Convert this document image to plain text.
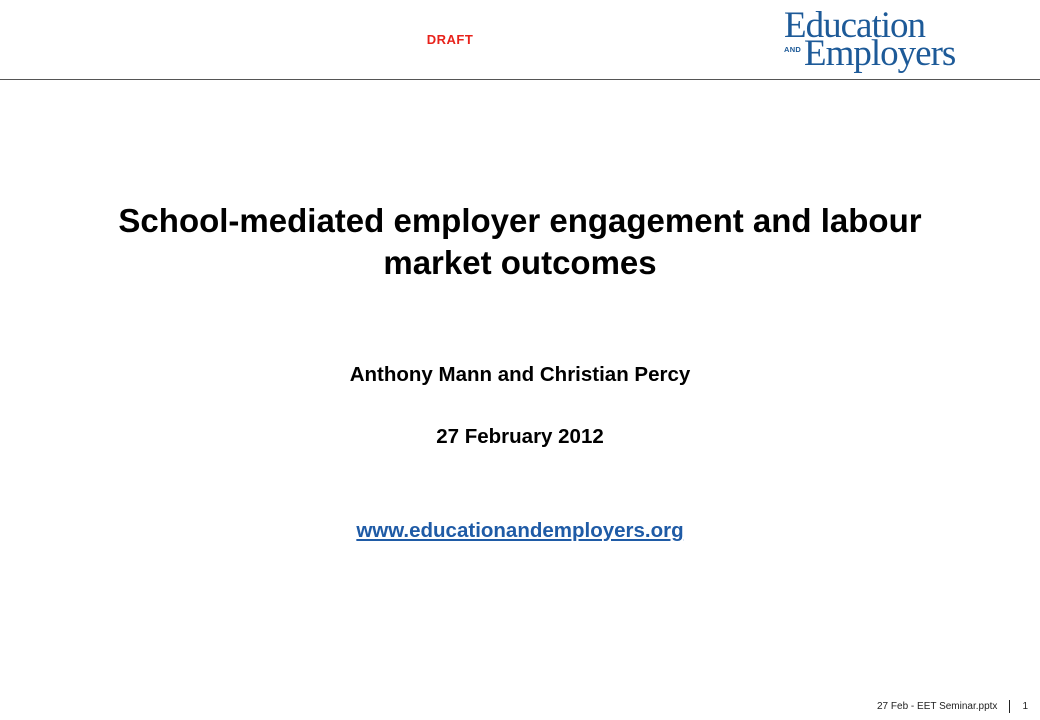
DRAFT	Education
AND Employers
School-mediated employer engagement and labour market outcomes
Anthony Mann and Christian Percy
27 February 2012
www.educationandemployers.org
27 Feb - EET Seminar.pptx	1
